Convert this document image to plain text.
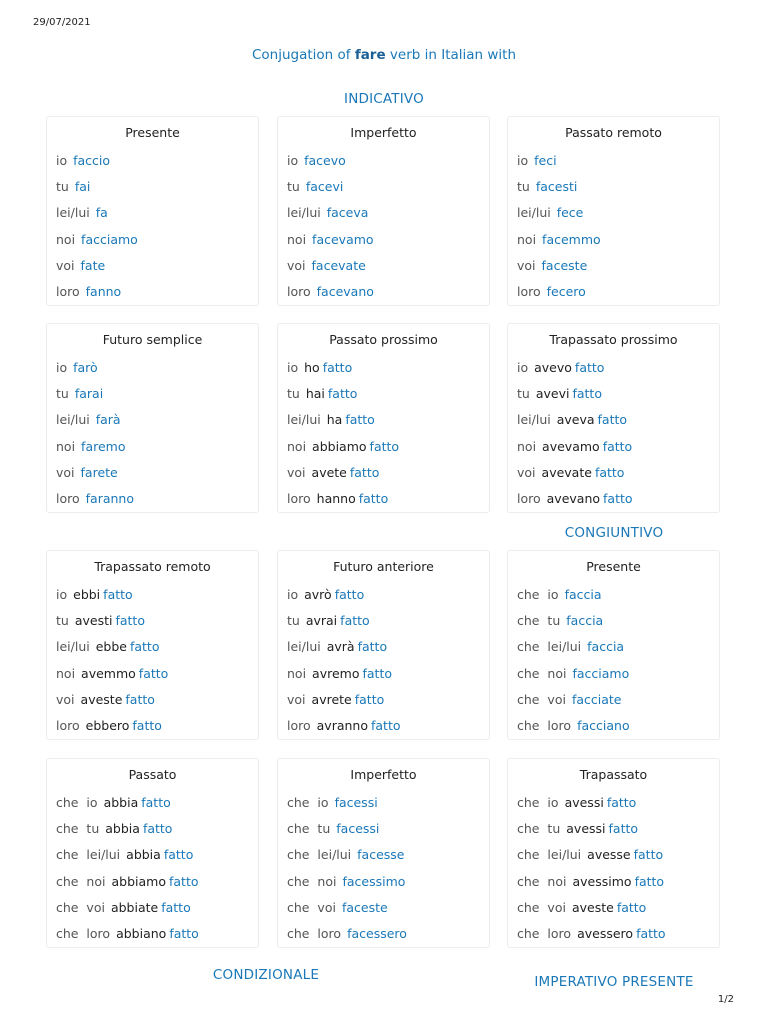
29/07/2021
Conjugation of fare verb in Italian with
INDICATIVO
CONGIUNTIVO
CONDIZIONALE	IMPERATIVO PRESENTE
Presente
io faccio
tu fai
lei/lui fa
noi facciamo
voi fate
loro fanno
Imperfetto
io facevo
tu facevi
lei/lui faceva
noi facevamo
voi facevate
loro facevano
Passato remoto
io feci
tu facesti
lei/lui fece
noi facemmo
voi faceste
loro fecero
Futuro semplice
io farò
tu farai
lei/lui farà
noi faremo
voi farete
loro faranno
Passato prossimo
io ho fatto
tu hai fatto
lei/lui ha fatto
noi abbiamo fatto
voi avete fatto
loro hanno fatto
Trapassato prossimo
io avevo fatto
tu avevi fatto
lei/lui aveva fatto
noi avevamo fatto
voi avevate fatto
loro avevano fatto
Trapassato remoto
io ebbi fatto
tu avesti fatto
lei/lui ebbe fatto
noi avemmo fatto
voi aveste fatto
loro ebbero fatto
Futuro anteriore
io avrò fatto
tu avrai fatto
lei/lui avrà fatto
noi avremo fatto
voi avrete fatto
loro avranno fatto
Presente
che  io faccia
che  tu faccia
che  lei/lui faccia
che  noi facciamo
che  voi facciate
che  loro facciano
Passato
che  io abbia fatto
che  tu abbia fatto
che  lei/lui abbia fatto
che  noi abbiamo fatto
che  voi abbiate fatto
che  loro abbiano fatto
Imperfetto
che  io facessi
che  tu facessi
che  lei/lui facesse
che  noi facessimo
che  voi faceste
che  loro facessero
Trapassato
che  io avessi fatto
che  tu avessi fatto
che  lei/lui avesse fatto
che  noi avessimo fatto
che  voi aveste fatto
che  loro avessero fatto
1/2
